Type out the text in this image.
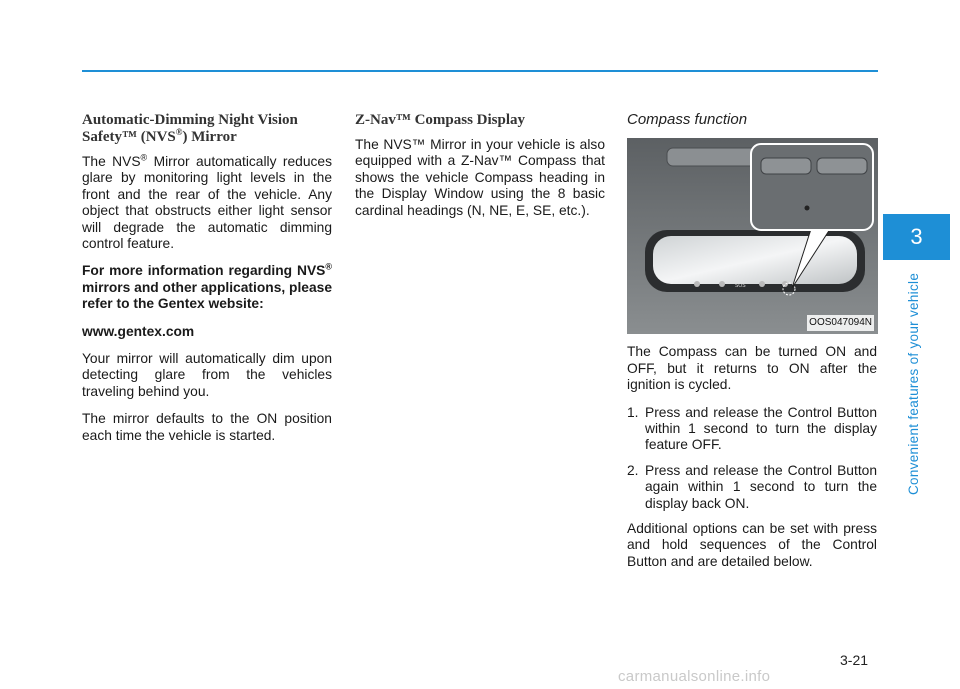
Automatic-Dimming Night Vision
Safety™ (NVS®) Mirror

The NVS® Mirror automatically reduces glare by monitoring light levels in the front and the rear of the vehicle. Any object that obstructs either light sensor will degrade the automatic dimming control feature.

For more information regarding NVS® mirrors and other applications, please refer to the Gentex website:

www.gentex.com

Your mirror will automatically dim upon detecting glare from the vehicles traveling behind you.

The mirror defaults to the ON position each time the vehicle is started.

Z-Nav™ Compass Display

The NVS™ Mirror in your vehicle is also equipped with a Z-Nav™ Compass that shows the vehicle Compass heading in the Display Window using the 8 basic cardinal headings (N, NE, E, SE, etc.).

Compass function
SOS
OOS047094N

The Compass can be turned ON and OFF, but it returns to ON after the ignition is cycled.

1. Press and release the Control Button within 1 second to turn the display feature OFF.
2. Press and release the Control Button again within 1 second to turn the display back ON.

Additional options can be set with press and hold sequences of the Control Button and are detailed below.

3
Convenient features of your vehicle
3-21
carmanualsonline.info
